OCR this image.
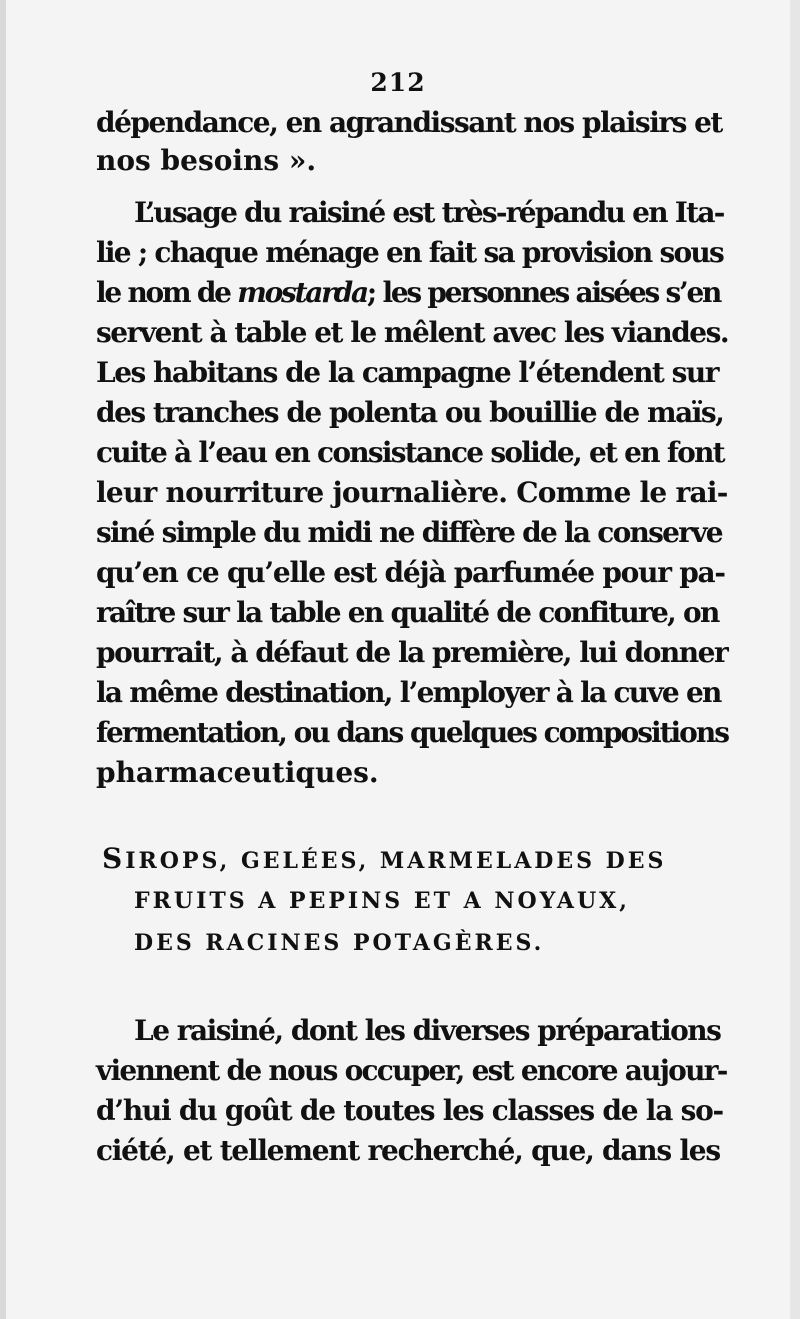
212
dépendance, en agrandissant nos plaisirs et
nos besoins ».
L’usage du raisiné est très-répandu en Ita-
lie ; chaque ménage en fait sa provision sous
le nom de mostarda; les personnes aisées s’en
servent à table et le mêlent avec les viandes.
Les habitans de la campagne l’étendent sur
des tranches de polenta ou bouillie de maïs,
cuite à l’eau en consistance solide, et en font
leur nourriture journalière. Comme le rai-
siné simple du midi ne diffère de la conserve
qu’en ce qu’elle est déjà parfumée pour pa-
raître sur la table en qualité de confiture, on
pourrait, à défaut de la première, lui donner
la même destination, l’employer à la cuve en
fermentation, ou dans quelques compositions
pharmaceutiques.
SIROPS, GELÉES, MARMELADES DES
FRUITS A PEPINS ET A NOYAUX,
DES RACINES POTAGÈRES.
Le raisiné, dont les diverses préparations
viennent de nous occuper, est encore aujour-
d’hui du goût de toutes les classes de la so-
ciété, et tellement recherché, que, dans les
